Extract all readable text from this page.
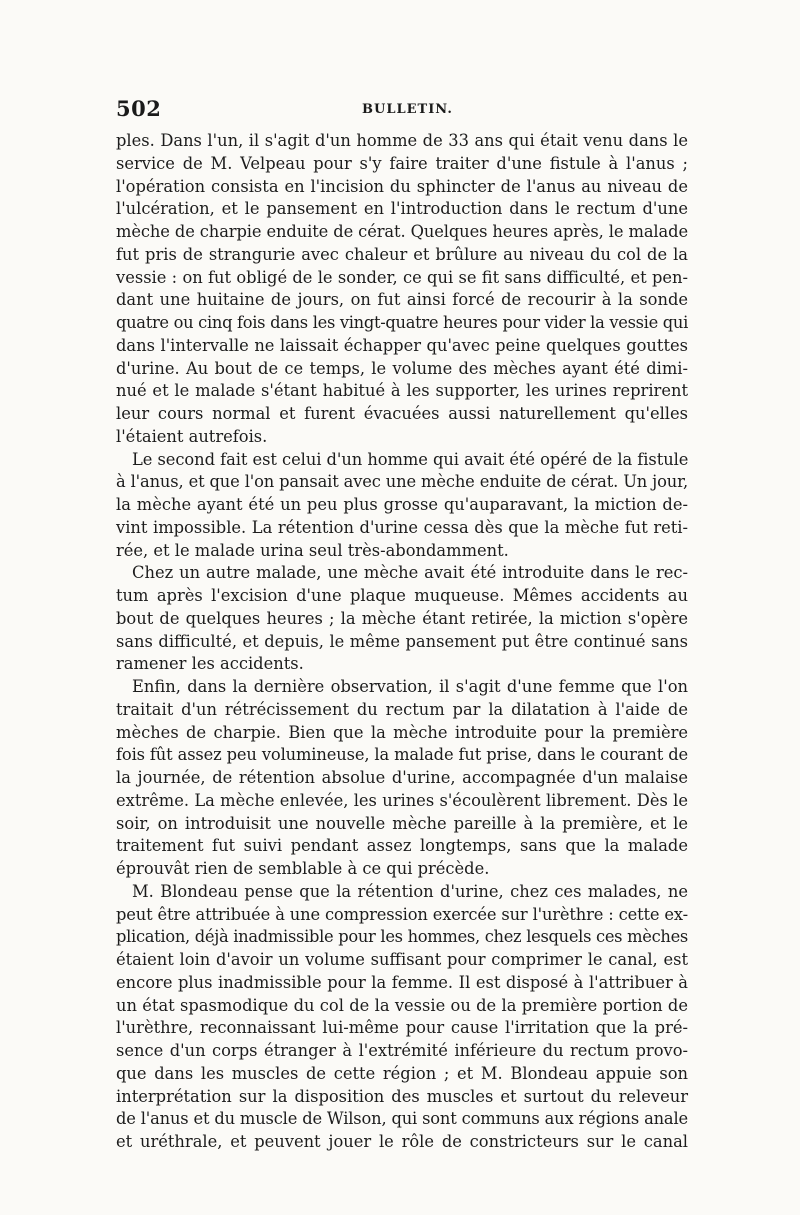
502	BULLETIN.
ples. Dans l'un, il s'agit d'un homme de 33 ans qui était venu dans le
service de M. Velpeau pour s'y faire traiter d'une fistule à l'anus ;
l'opération consista en l'incision du sphincter de l'anus au niveau de
l'ulcération, et le pansement en l'introduction dans le rectum d'une
mèche de charpie enduite de cérat. Quelques heures après, le malade
fut pris de strangurie avec chaleur et brûlure au niveau du col de la
vessie : on fut obligé de le sonder, ce qui se fit sans difficulté, et pen-
dant une huitaine de jours, on fut ainsi forcé de recourir à la sonde
quatre ou cinq fois dans les vingt-quatre heures pour vider la vessie qui
dans l'intervalle ne laissait échapper qu'avec peine quelques gouttes
d'urine. Au bout de ce temps, le volume des mèches ayant été dimi-
nué et le malade s'étant habitué à les supporter, les urines reprirent
leur cours normal et furent évacuées aussi naturellement qu'elles
l'étaient autrefois.
Le second fait est celui d'un homme qui avait été opéré de la fistule
à l'anus, et que l'on pansait avec une mèche enduite de cérat. Un jour,
la mèche ayant été un peu plus grosse qu'auparavant, la miction de-
vint impossible. La rétention d'urine cessa dès que la mèche fut reti-
rée, et le malade urina seul très-abondamment.
Chez un autre malade, une mèche avait été introduite dans le rec-
tum après l'excision d'une plaque muqueuse. Mêmes accidents au
bout de quelques heures ; la mèche étant retirée, la miction s'opère
sans difficulté, et depuis, le même pansement put être continué sans
ramener les accidents.
Enfin, dans la dernière observation, il s'agit d'une femme que l'on
traitait d'un rétrécissement du rectum par la dilatation à l'aide de
mèches de charpie. Bien que la mèche introduite pour la première
fois fût assez peu volumineuse, la malade fut prise, dans le courant de
la journée, de rétention absolue d'urine, accompagnée d'un malaise
extrême. La mèche enlevée, les urines s'écoulèrent librement. Dès le
soir, on introduisit une nouvelle mèche pareille à la première, et le
traitement fut suivi pendant assez longtemps, sans que la malade
éprouvât rien de semblable à ce qui précède.
M. Blondeau pense que la rétention d'urine, chez ces malades, ne
peut être attribuée à une compression exercée sur l'urèthre : cette ex-
plication, déjà inadmissible pour les hommes, chez lesquels ces mèches
étaient loin d'avoir un volume suffisant pour comprimer le canal, est
encore plus inadmissible pour la femme. Il est disposé à l'attribuer à
un état spasmodique du col de la vessie ou de la première portion de
l'urèthre, reconnaissant lui-même pour cause l'irritation que la pré-
sence d'un corps étranger à l'extrémité inférieure du rectum provo-
que dans les muscles de cette région ; et M. Blondeau appuie son
interprétation sur la disposition des muscles et surtout du releveur
de l'anus et du muscle de Wilson, qui sont communs aux régions anale
et uréthrale, et peuvent jouer le rôle de constricteurs sur le canal
